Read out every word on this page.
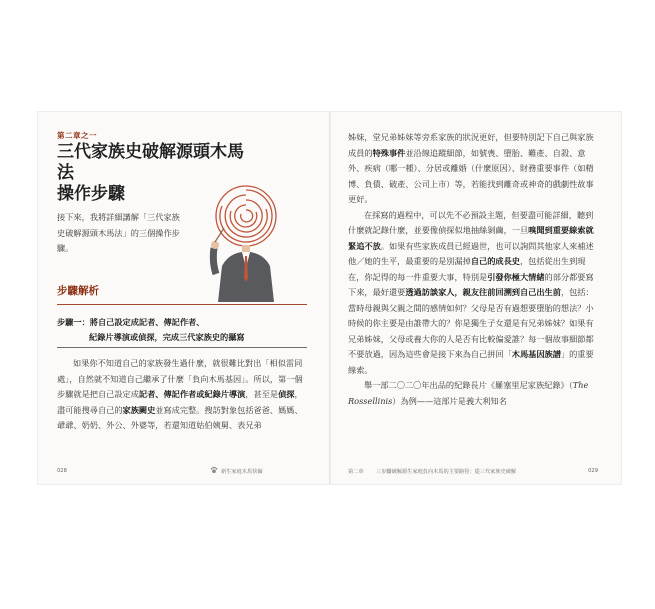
第二章之一
三代家族史破解源頭木馬法
操作步驟
接下來，我將詳細講解「三代家族史破解源頭木馬法」的三個操作步驟。
步驟解析
步驟一：將自己設定成記者、傳記作者、
紀錄片導演或偵探，完成三代家族史的攝寫
如果你不知道自己的家族發生過什麼，就很難比對出「相似雷同處」，自然就不知道自己繼承了什麼「負向木馬基因」。所以，第一個步驟就是把自己設定成記者、傳記作者或紀錄片導演，甚至是偵探，盡可能搜尋自己的家族闕史並寫成完整。搜訪對象包括爸爸、媽媽、爺爺、奶奶、外公、外婆等，若還知道姑伯姨舅、表兄弟
028	新生家庭木馬快篩

姊妹，堂兄弟姊妹等旁系家族的狀況更好，但要特別記下自己與家族成員的特殊事件並沿線追蹤細節，如號喪、墮胎、難產、自殺、意外、疾病（哪一種）、分居或離婚（什麼原因）、財務重要事件（如精博、負債、破產、公司上市）等，若能找到離奇或神奇的戲劇性故事更好。

在採寫的過程中，可以先不必預設主題，但要盡可能詳細，聽到什麼就記錄什麼，並要像偵探似地抽絲剝繭，一旦嗅聞到重要線索就緊追不放。如果有些家族成員已經過世，也可以詢問其他家人來補述他／她的生平，最重要的是別漏掉自己的成長史，包括從出生到現在，你記得的每一件重要大事，特別是引發你極大情緒的部分都要寫下來，最好還要透過訪談家人，親友往前回溯到自己出生前，包括：當時母親與父親之間的感情如何？父母是否有過想要墮胎的想法？小時候的你主要是由誰帶大的？你是獨生子女還是有兄弟姊妹？如果有兄弟姊妹，父母或養大你的人是否有比較偏愛誰？每一個故事細節都不要放過，因為這些會是接下來為自己拼回「木馬基因族譜」的重要線索。

舉一部二〇二〇年出品的紀錄長片《羅塞里尼家族紀錄》（The Rossellinis）為例——這部片是義大利知名

第二章 三步驟破解源生家庭負向木馬的主要路徑：從三代家族史破解	029
